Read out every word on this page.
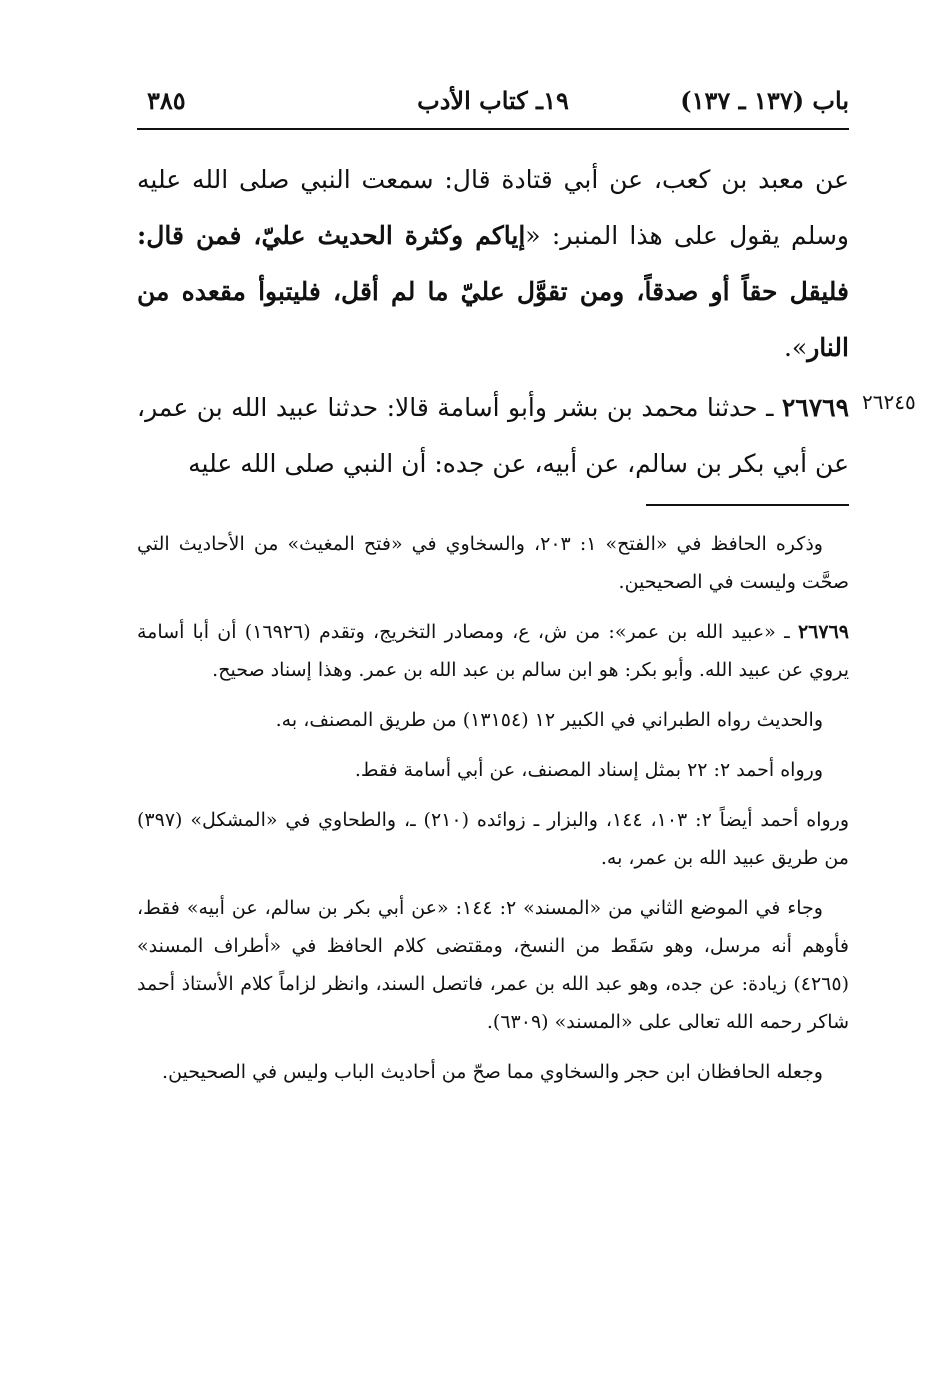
باب (١٣٧ ـ ١٣٧)
١٩ـ كتاب الأدب
٣٨٥
عن معبد بن كعب، عن أبي قتادة قال: سمعت النبي صلى الله عليه وسلم يقول على هذا المنبر: «إياكم وكثرة الحديث عليّ، فمن قال: فليقل حقاً أو صدقاً، ومن تقوَّل عليّ ما لم أقل، فليتبوأ مقعده من النار».
٢٦٢٤٥
٢٦٧٦٩ ـ حدثنا محمد بن بشر وأبو أسامة قالا: حدثنا عبيد الله بن عمر، عن أبي بكر بن سالم، عن أبيه، عن جده: أن النبي صلى الله عليه

وذكره الحافظ في «الفتح» ١: ٢٠٣، والسخاوي في «فتح المغيث» من الأحاديث التي صحَّت وليست في الصحيحين.

٢٦٧٦٩ ـ «عبيد الله بن عمر»: من ش، ع، ومصادر التخريج، وتقدم (١٦٩٢٦) أن أبا أسامة يروي عن عبيد الله. وأبو بكر: هو ابن سالم بن عبد الله بن عمر. وهذا إسناد صحيح.

والحديث رواه الطبراني في الكبير ١٢ (١٣١٥٤) من طريق المصنف، به.

ورواه أحمد ٢: ٢٢ بمثل إسناد المصنف، عن أبي أسامة فقط.

ورواه أحمد أيضاً ٢: ١٠٣، ١٤٤، والبزار ـ زوائده (٢١٠) ـ، والطحاوي في «المشكل» (٣٩٧) من طريق عبيد الله بن عمر، به.

وجاء في الموضع الثاني من «المسند» ٢: ١٤٤: «عن أبي بكر بن سالم، عن أبيه» فقط، فأوهم أنه مرسل، وهو سَقَط من النسخ، ومقتضى كلام الحافظ في «أطراف المسند» (٤٢٦٥) زيادة: عن جده، وهو عبد الله بن عمر، فاتصل السند، وانظر لزاماً كلام الأستاذ أحمد شاكر رحمه الله تعالى على «المسند» (٦٣٠٩).

وجعله الحافظان ابن حجر والسخاوي مما صحّ من أحاديث الباب وليس في الصحيحين.
